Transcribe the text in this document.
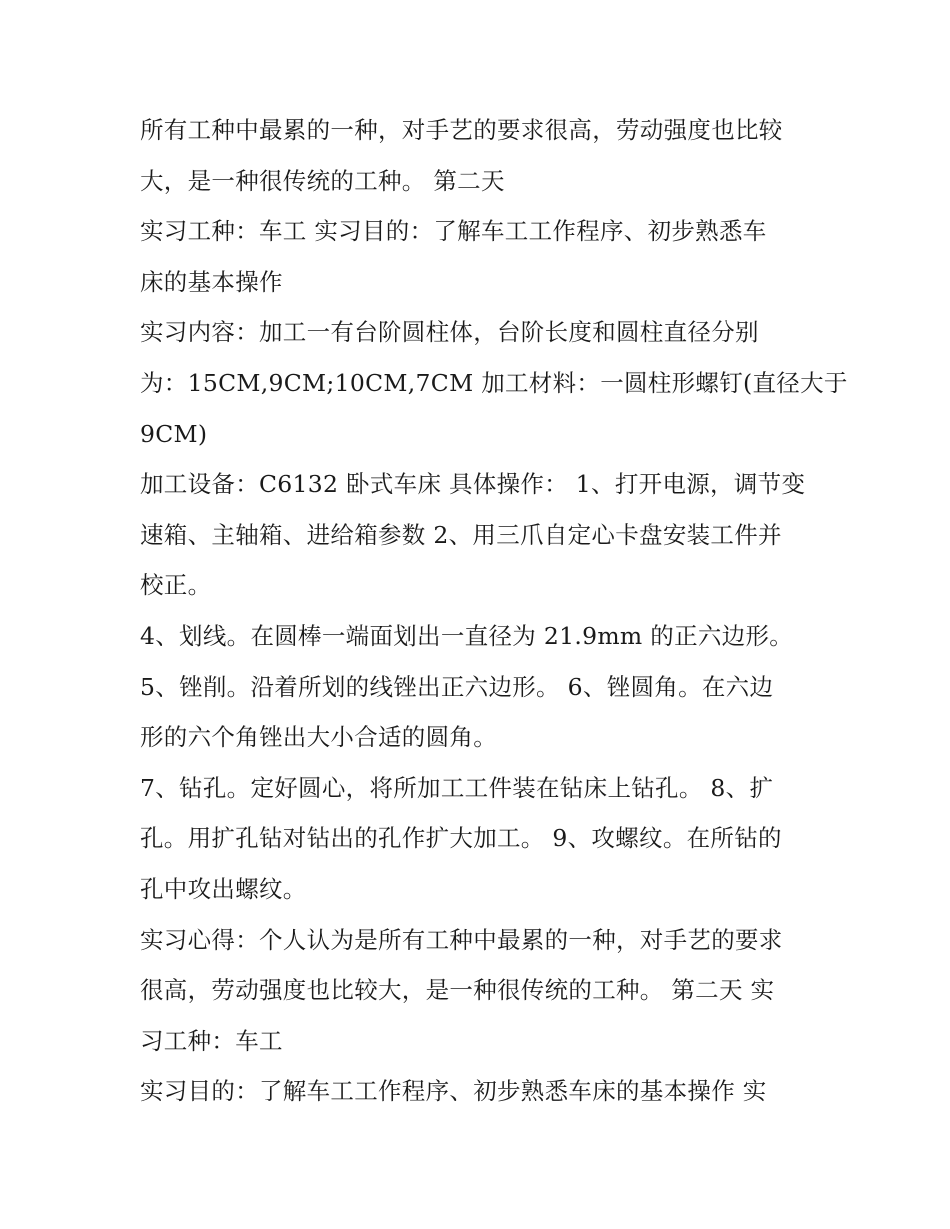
所有工种中最累的一种，对手艺的要求很高，劳动强度也比较
大，是一种很传统的工种。 第二天
实习工种：车工 实习目的：了解车工工作程序、初步熟悉车
床的基本操作
实习内容：加工一有台阶圆柱体，台阶长度和圆柱直径分别
为：15CM,9CM;10CM,7CM 加工材料：一圆柱形螺钉(直径大于
9CM)
加工设备：C6132 卧式车床 具体操作： 1、打开电源，调节变
速箱、主轴箱、进给箱参数 2、用三爪自定心卡盘安装工件并
校正。
4、划线。在圆棒一端面划出一直径为 21.9mm 的正六边形。
5、锉削。沿着所划的线锉出正六边形。 6、锉圆角。在六边
形的六个角锉出大小合适的圆角。
7、钻孔。定好圆心，将所加工工件装在钻床上钻孔。 8、扩
孔。用扩孔钻对钻出的孔作扩大加工。 9、攻螺纹。在所钻的
孔中攻出螺纹。
实习心得：个人认为是所有工种中最累的一种，对手艺的要求
很高，劳动强度也比较大，是一种很传统的工种。 第二天 实
习工种：车工
实习目的：了解车工工作程序、初步熟悉车床的基本操作 实
